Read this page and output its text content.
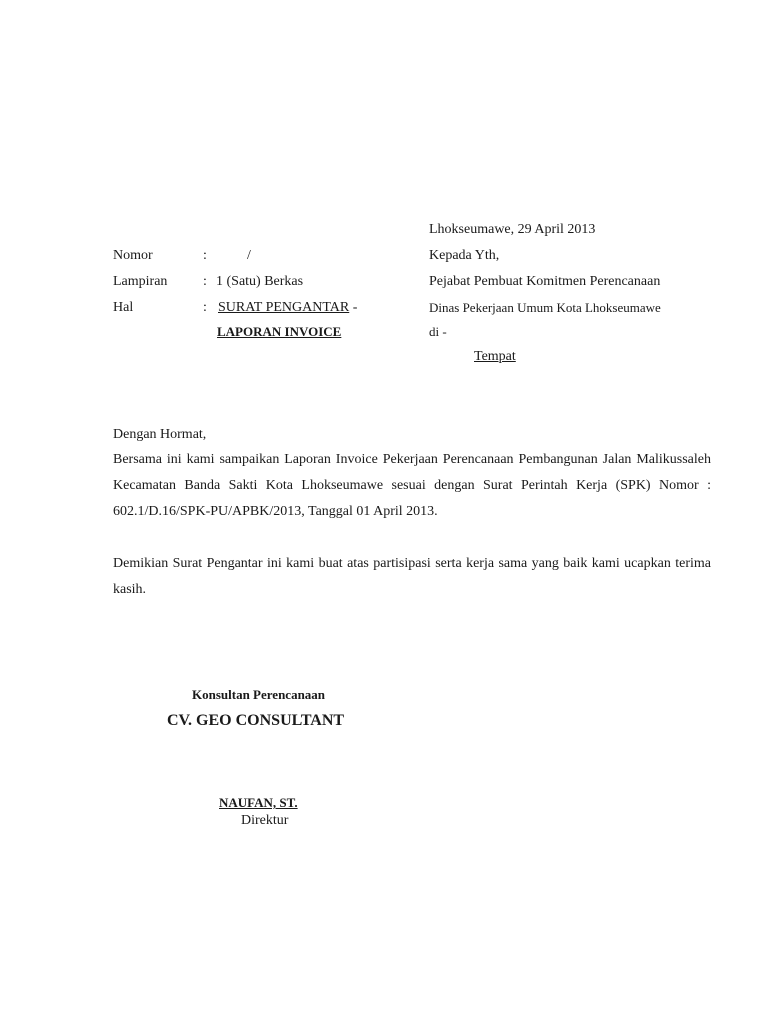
Lhokseumawe, 29 April 2013
Nomor	:	/
Lampiran	: 1 (Satu) Berkas
Hal	: SURAT PENGANTAR -
LAPORAN INVOICE
Kepada Yth,
Pejabat Pembuat Komitmen Perencanaan
Dinas Pekerjaan Umum Kota Lhokseumawe
di -
Tempat
Dengan Hormat,
Bersama ini kami sampaikan Laporan Invoice Pekerjaan Perencanaan Pembangunan Jalan Malikussaleh Kecamatan Banda Sakti Kota Lhokseumawe sesuai dengan Surat Perintah Kerja (SPK) Nomor : 602.1/D.16/SPK-PU/APBK/2013, Tanggal 01 April 2013.
Demikian Surat Pengantar ini kami buat atas partisipasi serta kerja sama yang baik kami ucapkan terima kasih.
Konsultan Perencanaan
CV. GEO CONSULTANT
NAUFAN, ST.
Direktur
